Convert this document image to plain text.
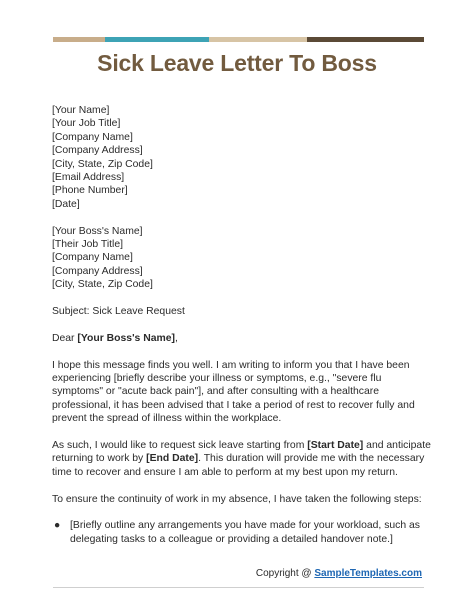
Sick Leave Letter To Boss
[Your Name]
[Your Job Title]
[Company Name]
[Company Address]
[City, State, Zip Code]
[Email Address]
[Phone Number]
[Date]
[Your Boss's Name]
[Their Job Title]
[Company Name]
[Company Address]
[City, State, Zip Code]
Subject: Sick Leave Request
Dear [Your Boss's Name],

I hope this message finds you well. I am writing to inform you that I have been experiencing [briefly describe your illness or symptoms, e.g., "severe flu symptoms" or "acute back pain"], and after consulting with a healthcare professional, it has been advised that I take a period of rest to recover fully and prevent the spread of illness within the workplace.

As such, I would like to request sick leave starting from [Start Date] and anticipate returning to work by [End Date]. This duration will provide me with the necessary time to recover and ensure I am able to perform at my best upon my return.

To ensure the continuity of work in my absence, I have taken the following steps:

● [Briefly outline any arrangements you have made for your workload, such as delegating tasks to a colleague or providing a detailed handover note.]

Copyright @ SampleTemplates.com
